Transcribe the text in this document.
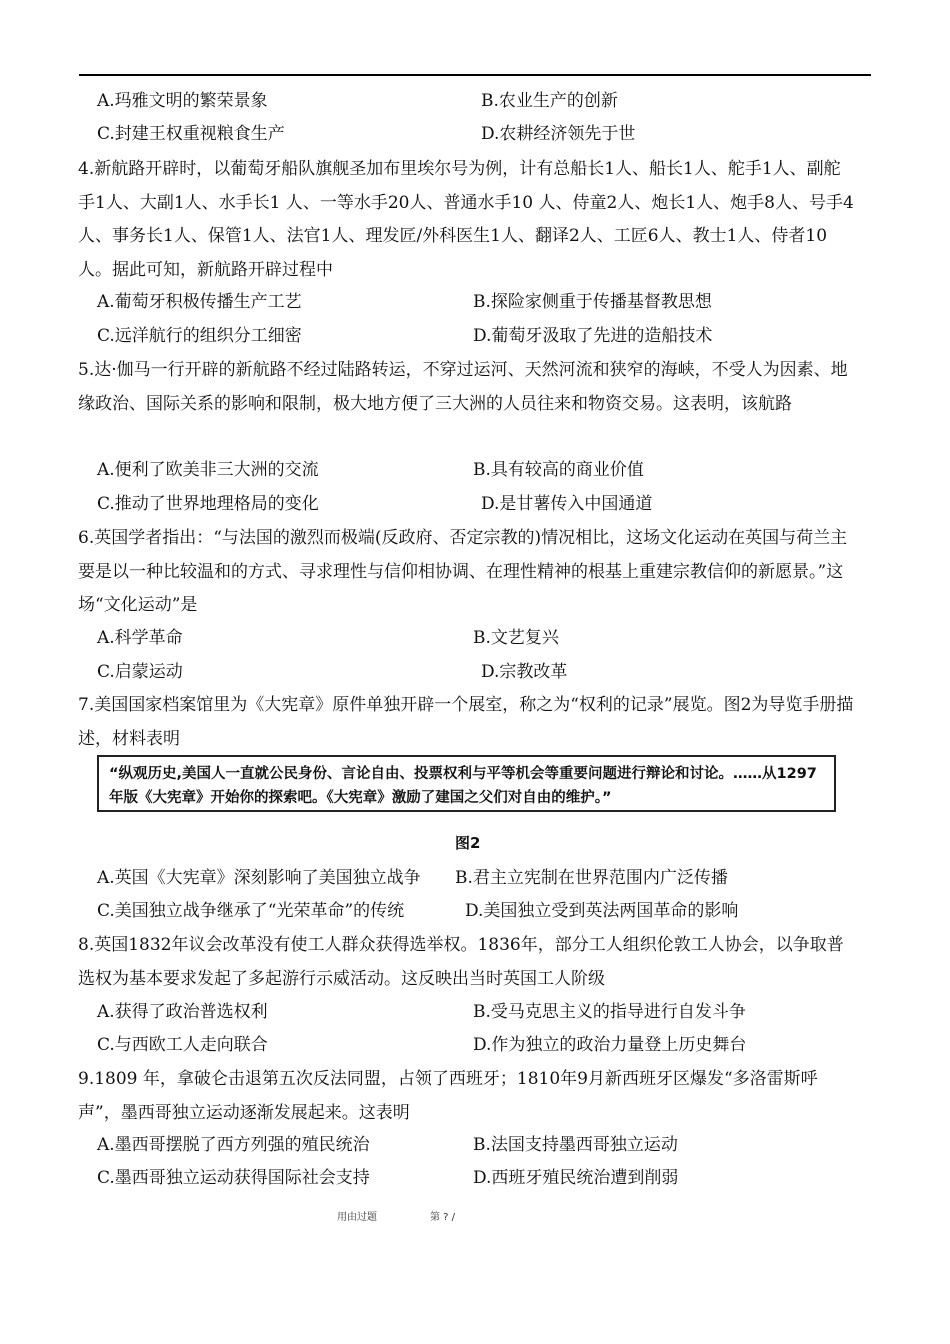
A.玛雅文明的繁荣景象	B.农业生产的创新
C.封建王权重视粮食生产	D.农耕经济领先于世
4.新航路开辟时，以葡萄牙船队旗舰圣加布里埃尔号为例，计有总船长1人、船长1人、舵手1人、副舵手1人、大副1人、水手长1 人、一等水手20人、普通水手10 人、侍童2人、炮长1人、炮手8人、号手4人、事务长1人、保管1人、法官1人、理发匠/外科医生1人、翻译2人、工匠6人、教士1人、侍者10人。据此可知，新航路开辟过程中
A.葡萄牙积极传播生产工艺	B.探险家侧重于传播基督教思想
C.远洋航行的组织分工细密	D.葡萄牙汲取了先进的造船技术
5.达·伽马一行开辟的新航路不经过陆路转运，不穿过运河、天然河流和狭窄的海峡，不受人为因素、地缘政治、国际关系的影响和限制，极大地方便了三大洲的人员往来和物资交易。这表明，该航路
A.便利了欧美非三大洲的交流	B.具有较高的商业价值
C.推动了世界地理格局的变化	D.是甘薯传入中国通道
6.英国学者指出：“与法国的激烈而极端(反政府、否定宗教的)情况相比，这场文化运动在英国与荷兰主要是以一种比较温和的方式、寻求理性与信仰相协调、在理性精神的根基上重建宗教信仰的新愿景。”这场“文化运动”是
A.科学革命	B.文艺复兴
C.启蒙运动	D.宗教改革
7.美国国家档案馆里为《大宪章》原件单独开辟一个展室，称之为“权利的记录”展览。图2为导览手册描述，材料表明
“纵观历史,美国人一直就公民身份、言论自由、投票权利与平等机会等重要问题进行辩论和讨论。……从1297年版《大宪章》开始你的探索吧。《大宪章》激励了建国之父们对自由的维护。”
图2
A.英国《大宪章》深刻影响了美国独立战争 B.君主立宪制在世界范围内广泛传播
C.美国独立战争继承了“光荣革命”的传统	D.美国独立受到英法两国革命的影响
8.英国1832年议会改革没有使工人群众获得选举权。1836年，部分工人组织伦敦工人协会，以争取普选权为基本要求发起了多起游行示威活动。这反映出当时英国工人阶级
A.获得了政治普选权利	B.受马克思主义的指导进行自发斗争
C.与西欧工人走向联合	D.作为独立的政治力量登上历史舞台
9.1809 年，拿破仑击退第五次反法同盟，占领了西班牙；1810年9月新西班牙区爆发“多洛雷斯呼声”，墨西哥独立运动逐渐发展起来。这表明
A.墨西哥摆脱了西方列强的殖民统治	B.法国支持墨西哥独立运动
C.墨西哥独立运动获得国际社会支持	D.西班牙殖民统治遭到削弱
用由过题	第 ? /
